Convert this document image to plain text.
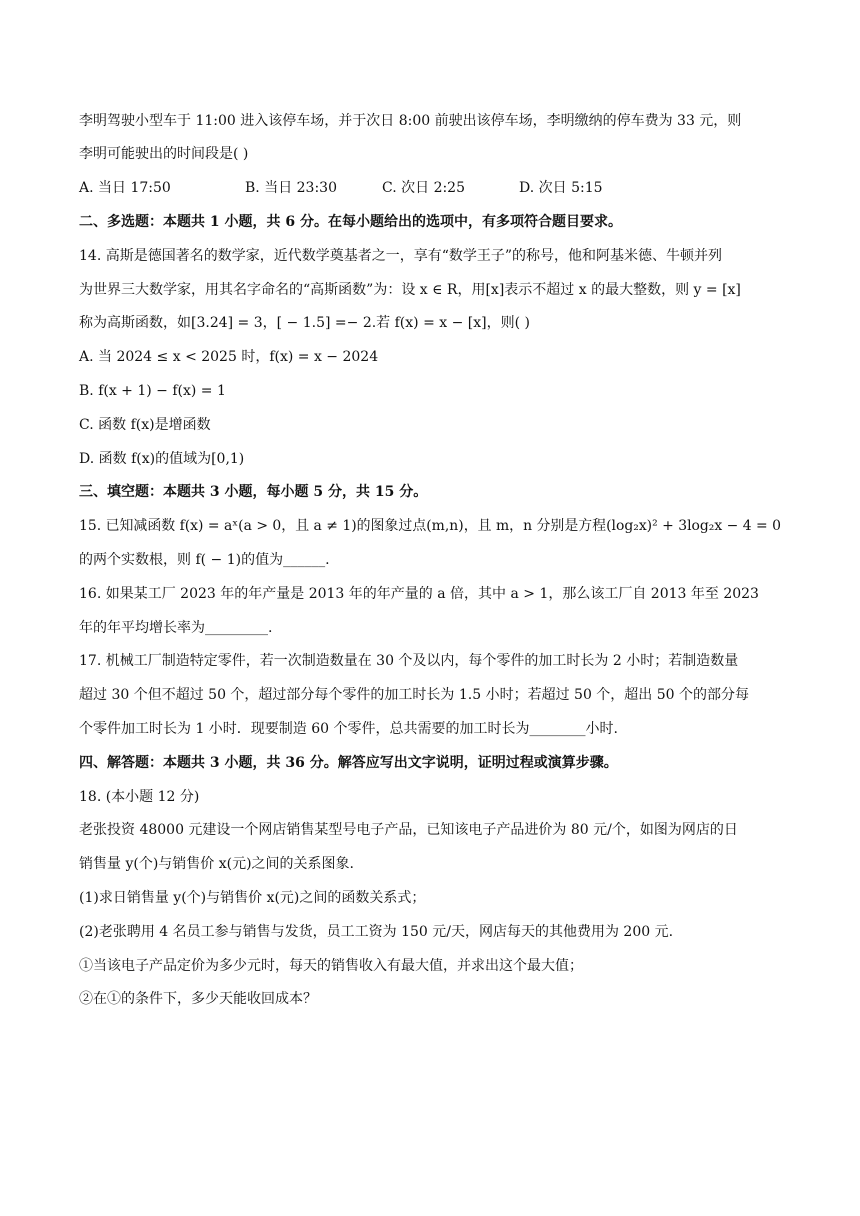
李明驾驶小型车于 11:00 进入该停车场，并于次日 8:00 前驶出该停车场，李明缴纳的停车费为 33 元，则
李明可能驶出的时间段是( )
A. 当日 17:50	B. 当日 23:30	C. 次日 2:25	D. 次日 5:15
二、多选题：本题共 1 小题，共 6 分。在每小题给出的选项中，有多项符合题目要求。
14. 高斯是德国著名的数学家，近代数学奠基者之一，享有“数学王子”的称号，他和阿基米德、牛顿并列
为世界三大数学家，用其名字命名的“高斯函数”为：设 x ∈ R，用[x]表示不超过 x 的最大整数，则 y = [x]
称为高斯函数，如[3.24] = 3，[ − 1.5] =− 2.若 f(x) = x − [x]，则( )
A. 当 2024 ≤ x < 2025 时，f(x) = x − 2024
B. f(x + 1) − f(x) = 1
C. 函数 f(x)是增函数
D. 函数 f(x)的值域为[0,1)
三、填空题：本题共 3 小题，每小题 5 分，共 15 分。
15. 已知减函数 f(x) = aˣ(a > 0，且 a ≠ 1)的图象过点(m,n)，且 m，n 分别是方程(log₂x)² + 3log₂x − 4 = 0
的两个实数根，则 f( − 1)的值为______.
16. 如果某工厂 2023 年的年产量是 2013 年的年产量的 a 倍，其中 a > 1，那么该工厂自 2013 年至 2023
年的年平均增长率为_________.
17. 机械工厂制造特定零件，若一次制造数量在 30 个及以内，每个零件的加工时长为 2 小时；若制造数量
超过 30 个但不超过 50 个，超过部分每个零件的加工时长为 1.5 小时；若超过 50 个，超出 50 个的部分每
个零件加工时长为 1 小时．现要制造 60 个零件，总共需要的加工时长为________小时.
四、解答题：本题共 3 小题，共 36 分。解答应写出文字说明，证明过程或演算步骤。
18. (本小题 12 分)
老张投资 48000 元建设一个网店销售某型号电子产品，已知该电子产品进价为 80 元/个，如图为网店的日
销售量 y(个)与销售价 x(元)之间的关系图象.
(1)求日销售量 y(个)与销售价 x(元)之间的函数关系式；
(2)老张聘用 4 名员工参与销售与发货，员工工资为 150 元/天，网店每天的其他费用为 200 元.
①当该电子产品定价为多少元时，每天的销售收入有最大值，并求出这个最大值；
②在①的条件下，多少天能收回成本？
